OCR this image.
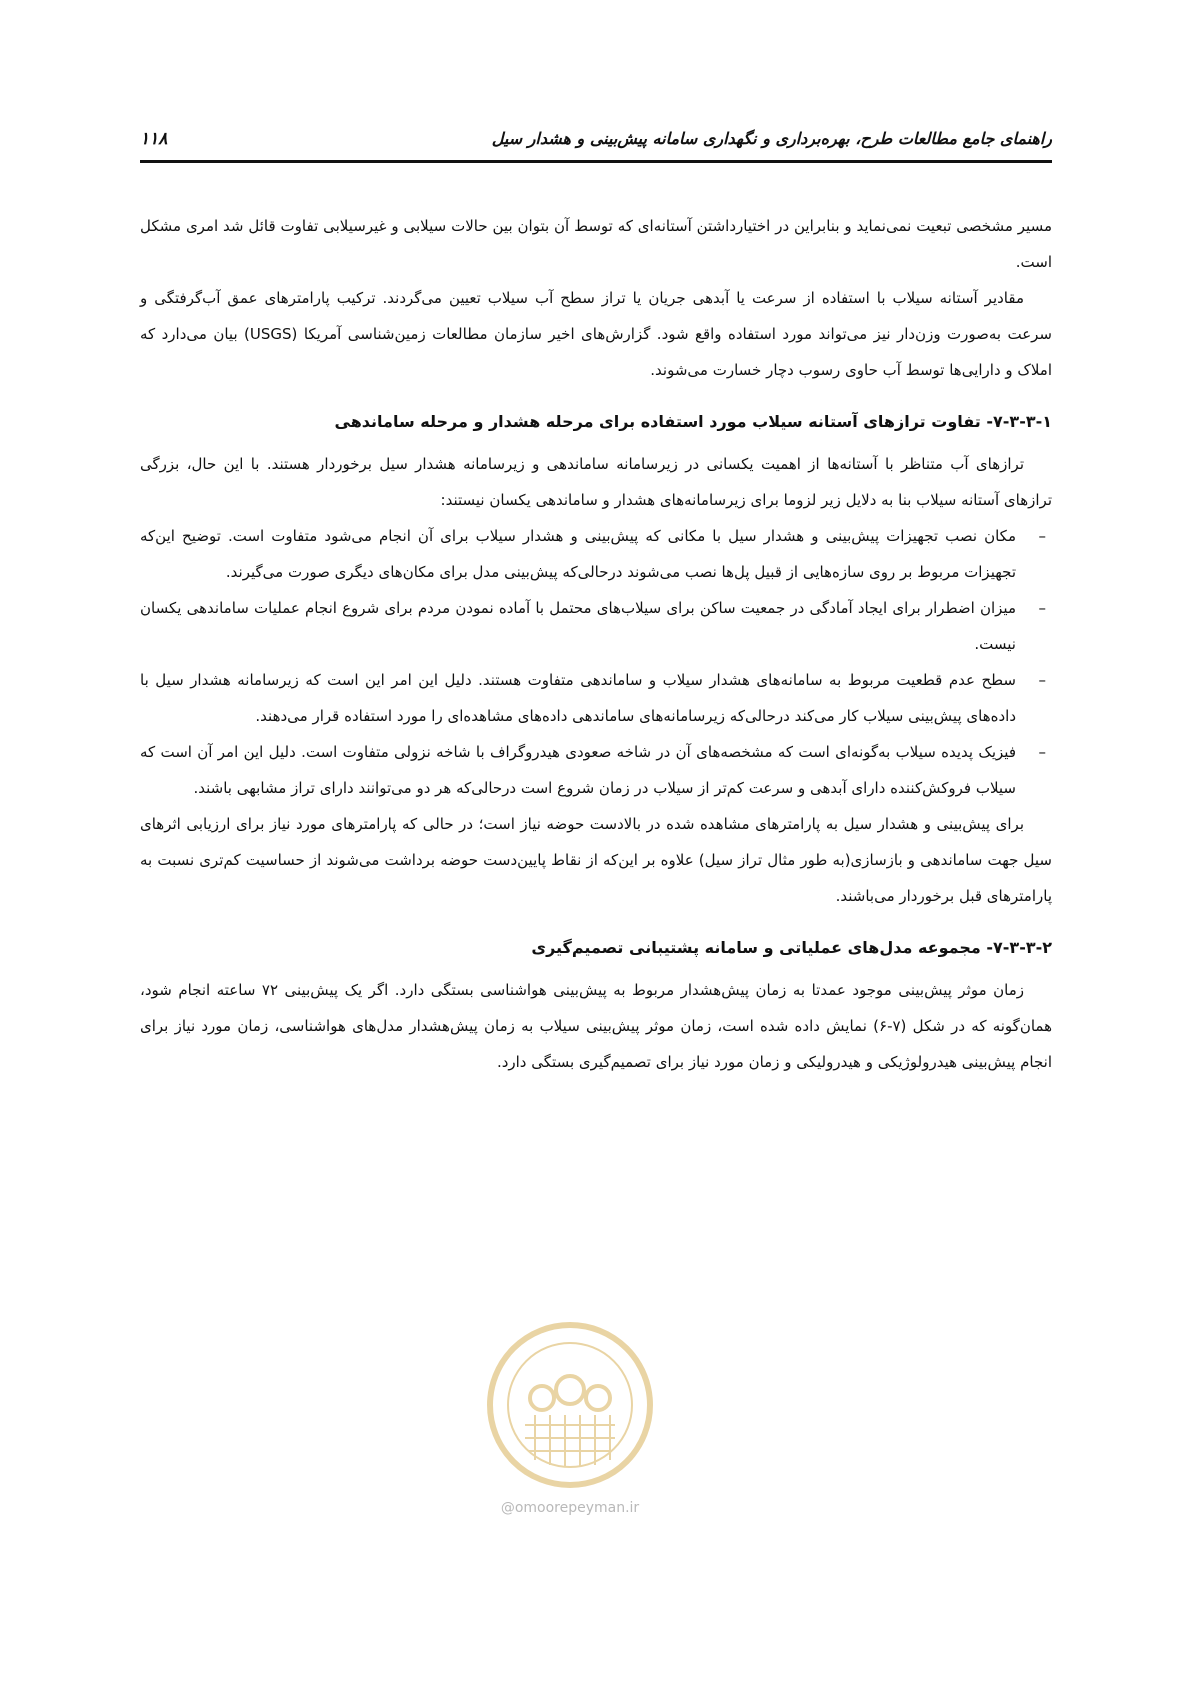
راهنمای جامع مطالعات طرح، بهره‌برداری و نگهداری سامانه پیش‌بینی و هشدار سیل
۱۱۸

مسیر مشخصی تبعیت نمی‌نماید و بنابراین در اختیارداشتن آستانه‌ای که توسط آن بتوان بین حالات سیلابی و غیرسیلابی تفاوت قائل شد امری مشکل است.

مقادیر آستانه سیلاب با استفاده از سرعت یا آبدهی جریان یا تراز سطح آب سیلاب تعیین می‌گردند. ترکیب پارامترهای عمق آب‌گرفتگی و سرعت به‌صورت وزن‌دار نیز می‌تواند مورد استفاده واقع شود. گزارش‌های اخیر سازمان مطالعات زمین‌شناسی آمریکا (USGS) بیان می‌دارد که املاک و دارایی‌ها توسط آب حاوی رسوب دچار خسارت می‌شوند.

۷-۳-۳-۱- تفاوت ترازهای آستانه سیلاب مورد استفاده برای مرحله هشدار و مرحله ساماندهی

ترازهای آب متناظر با آستانه‌ها از اهمیت یکسانی در زیرسامانه ساماندهی و زیرسامانه هشدار سیل برخوردار هستند. با این حال، بزرگی ترازهای آستانه سیلاب بنا به دلایل زیر لزوما برای زیرسامانه‌های هشدار و ساماندهی یکسان نیستند:

–
مکان نصب تجهیزات پیش‌بینی و هشدار سیل با مکانی که پیش‌بینی و هشدار سیلاب برای آن انجام می‌شود متفاوت است. توضیح این‌که تجهیزات مربوط بر روی سازه‌هایی از قبیل پل‌ها نصب می‌شوند درحالی‌که پیش‌بینی مدل برای مکان‌های دیگری صورت می‌گیرند.
–
میزان اضطرار برای ایجاد آمادگی در جمعیت ساکن برای سیلاب‌های محتمل با آماده نمودن مردم برای شروع انجام عملیات ساماندهی یکسان نیست.
–
سطح عدم قطعیت مربوط به سامانه‌های هشدار سیلاب و ساماندهی متفاوت هستند. دلیل این امر این است که زیرسامانه هشدار سیل با داده‌های پیش‌بینی سیلاب کار می‌کند درحالی‌که زیرسامانه‌های ساماندهی داده‌های مشاهده‌ای را مورد استفاده قرار می‌دهند.
–
فیزیک پدیده سیلاب به‌گونه‌ای است که مشخصه‌های آن در شاخه صعودی هیدروگراف با شاخه نزولی متفاوت است. دلیل این امر آن است که سیلاب فروکش‌کننده دارای آبدهی و سرعت کم‌تر از سیلاب در زمان شروع است درحالی‌که هر دو می‌توانند دارای تراز مشابهی باشند.

برای پیش‌بینی و هشدار سیل به پارامترهای مشاهده شده در بالادست حوضه نیاز است؛ در حالی که پارامترهای مورد نیاز برای ارزیابی اثرهای سیل جهت ساماندهی و بازسازی(به طور مثال تراز سیل) علاوه بر این‌که از نقاط پایین‌دست حوضه برداشت می‌شوند از حساسیت کم‌تری نسبت به پارامترهای قبل برخوردار می‌باشند.

۷-۳-۳-۲- مجموعه مدل‌های عملیاتی و سامانه پشتیبانی تصمیم‌گیری

زمان موثر پیش‌بینی موجود عمدتا به زمان پیش‌هشدار مربوط به پیش‌بینی هواشناسی بستگی دارد. اگر یک پیش‌بینی ۷۲ ساعته انجام شود، همان‌گونه که در شکل (۷-۶) نمایش داده شده است، زمان موثر پیش‌بینی سیلاب به زمان پیش‌هشدار مدل‌های هواشناسی، زمان مورد نیاز برای انجام پیش‌بینی هیدرولوژیکی و هیدرولیکی و زمان مورد نیاز برای تصمیم‌گیری بستگی دارد.

@omoorepeyman.ir
